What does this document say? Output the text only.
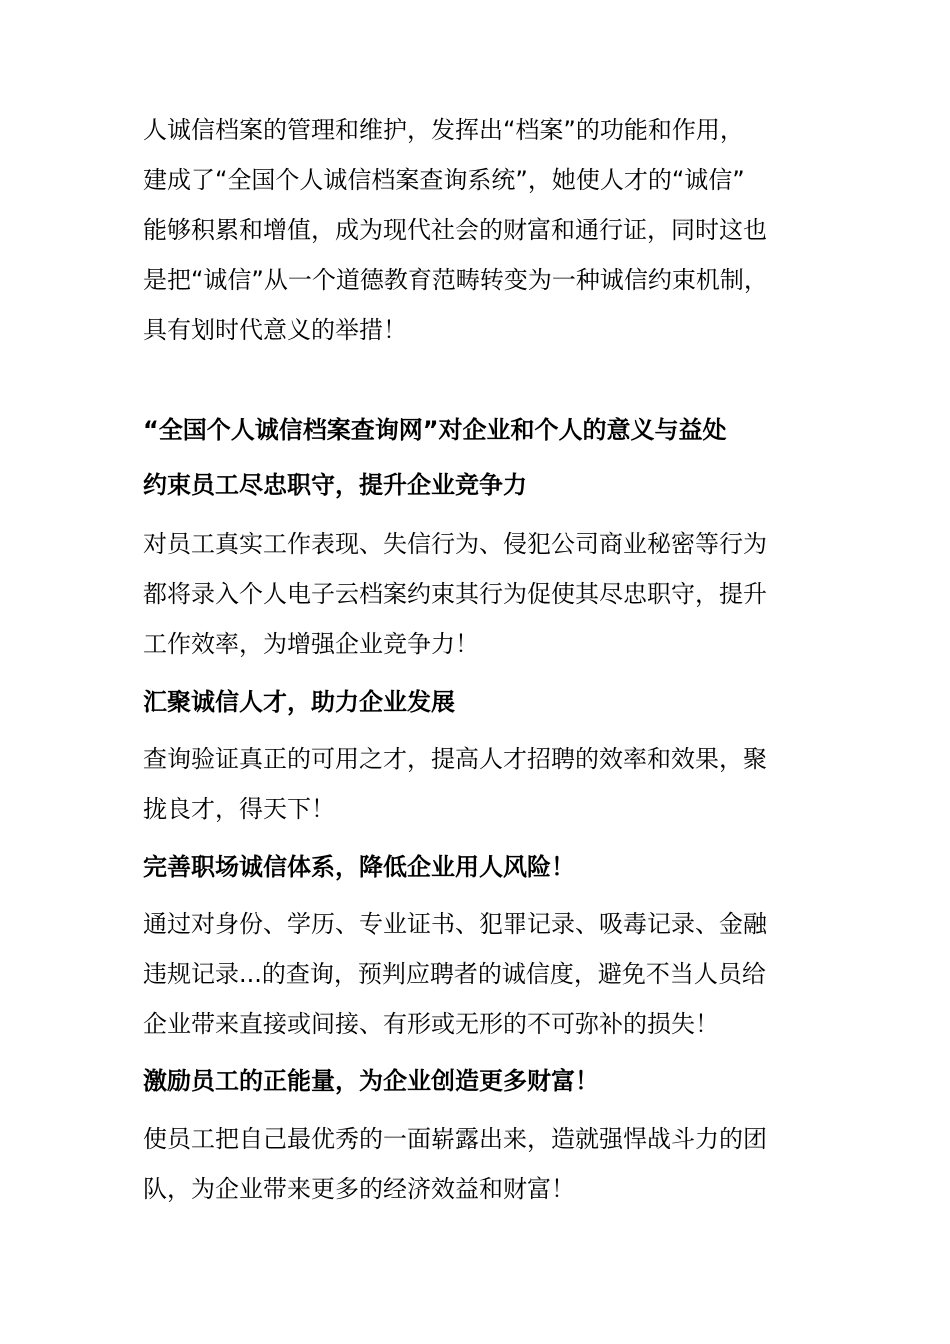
人诚信档案的管理和维护，发挥出“档案”的功能和作用，
建成了“全国个人诚信档案查询系统”，她使人才的“诚信”
能够积累和增值，成为现代社会的财富和通行证，同时这也
是把“诚信”从一个道德教育范畴转变为一种诚信约束机制，
具有划时代意义的举措！
“全国个人诚信档案查询网”对企业和个人的意义与益处
约束员工尽忠职守，提升企业竞争力
对员工真实工作表现、失信行为、侵犯公司商业秘密等行为
都将录入个人电子云档案约束其行为促使其尽忠职守，提升
工作效率，为增强企业竞争力！
汇聚诚信人才，助力企业发展
查询验证真正的可用之才，提高人才招聘的效率和效果，聚
拢良才，得天下！
完善职场诚信体系，降低企业用人风险！
通过对身份、学历、专业证书、犯罪记录、吸毒记录、金融
违规记录...的查询，预判应聘者的诚信度，避免不当人员给
企业带来直接或间接、有形或无形的不可弥补的损失！
激励员工的正能量，为企业创造更多财富！
使员工把自己最优秀的一面崭露出来，造就强悍战斗力的团
队，为企业带来更多的经济效益和财富！
